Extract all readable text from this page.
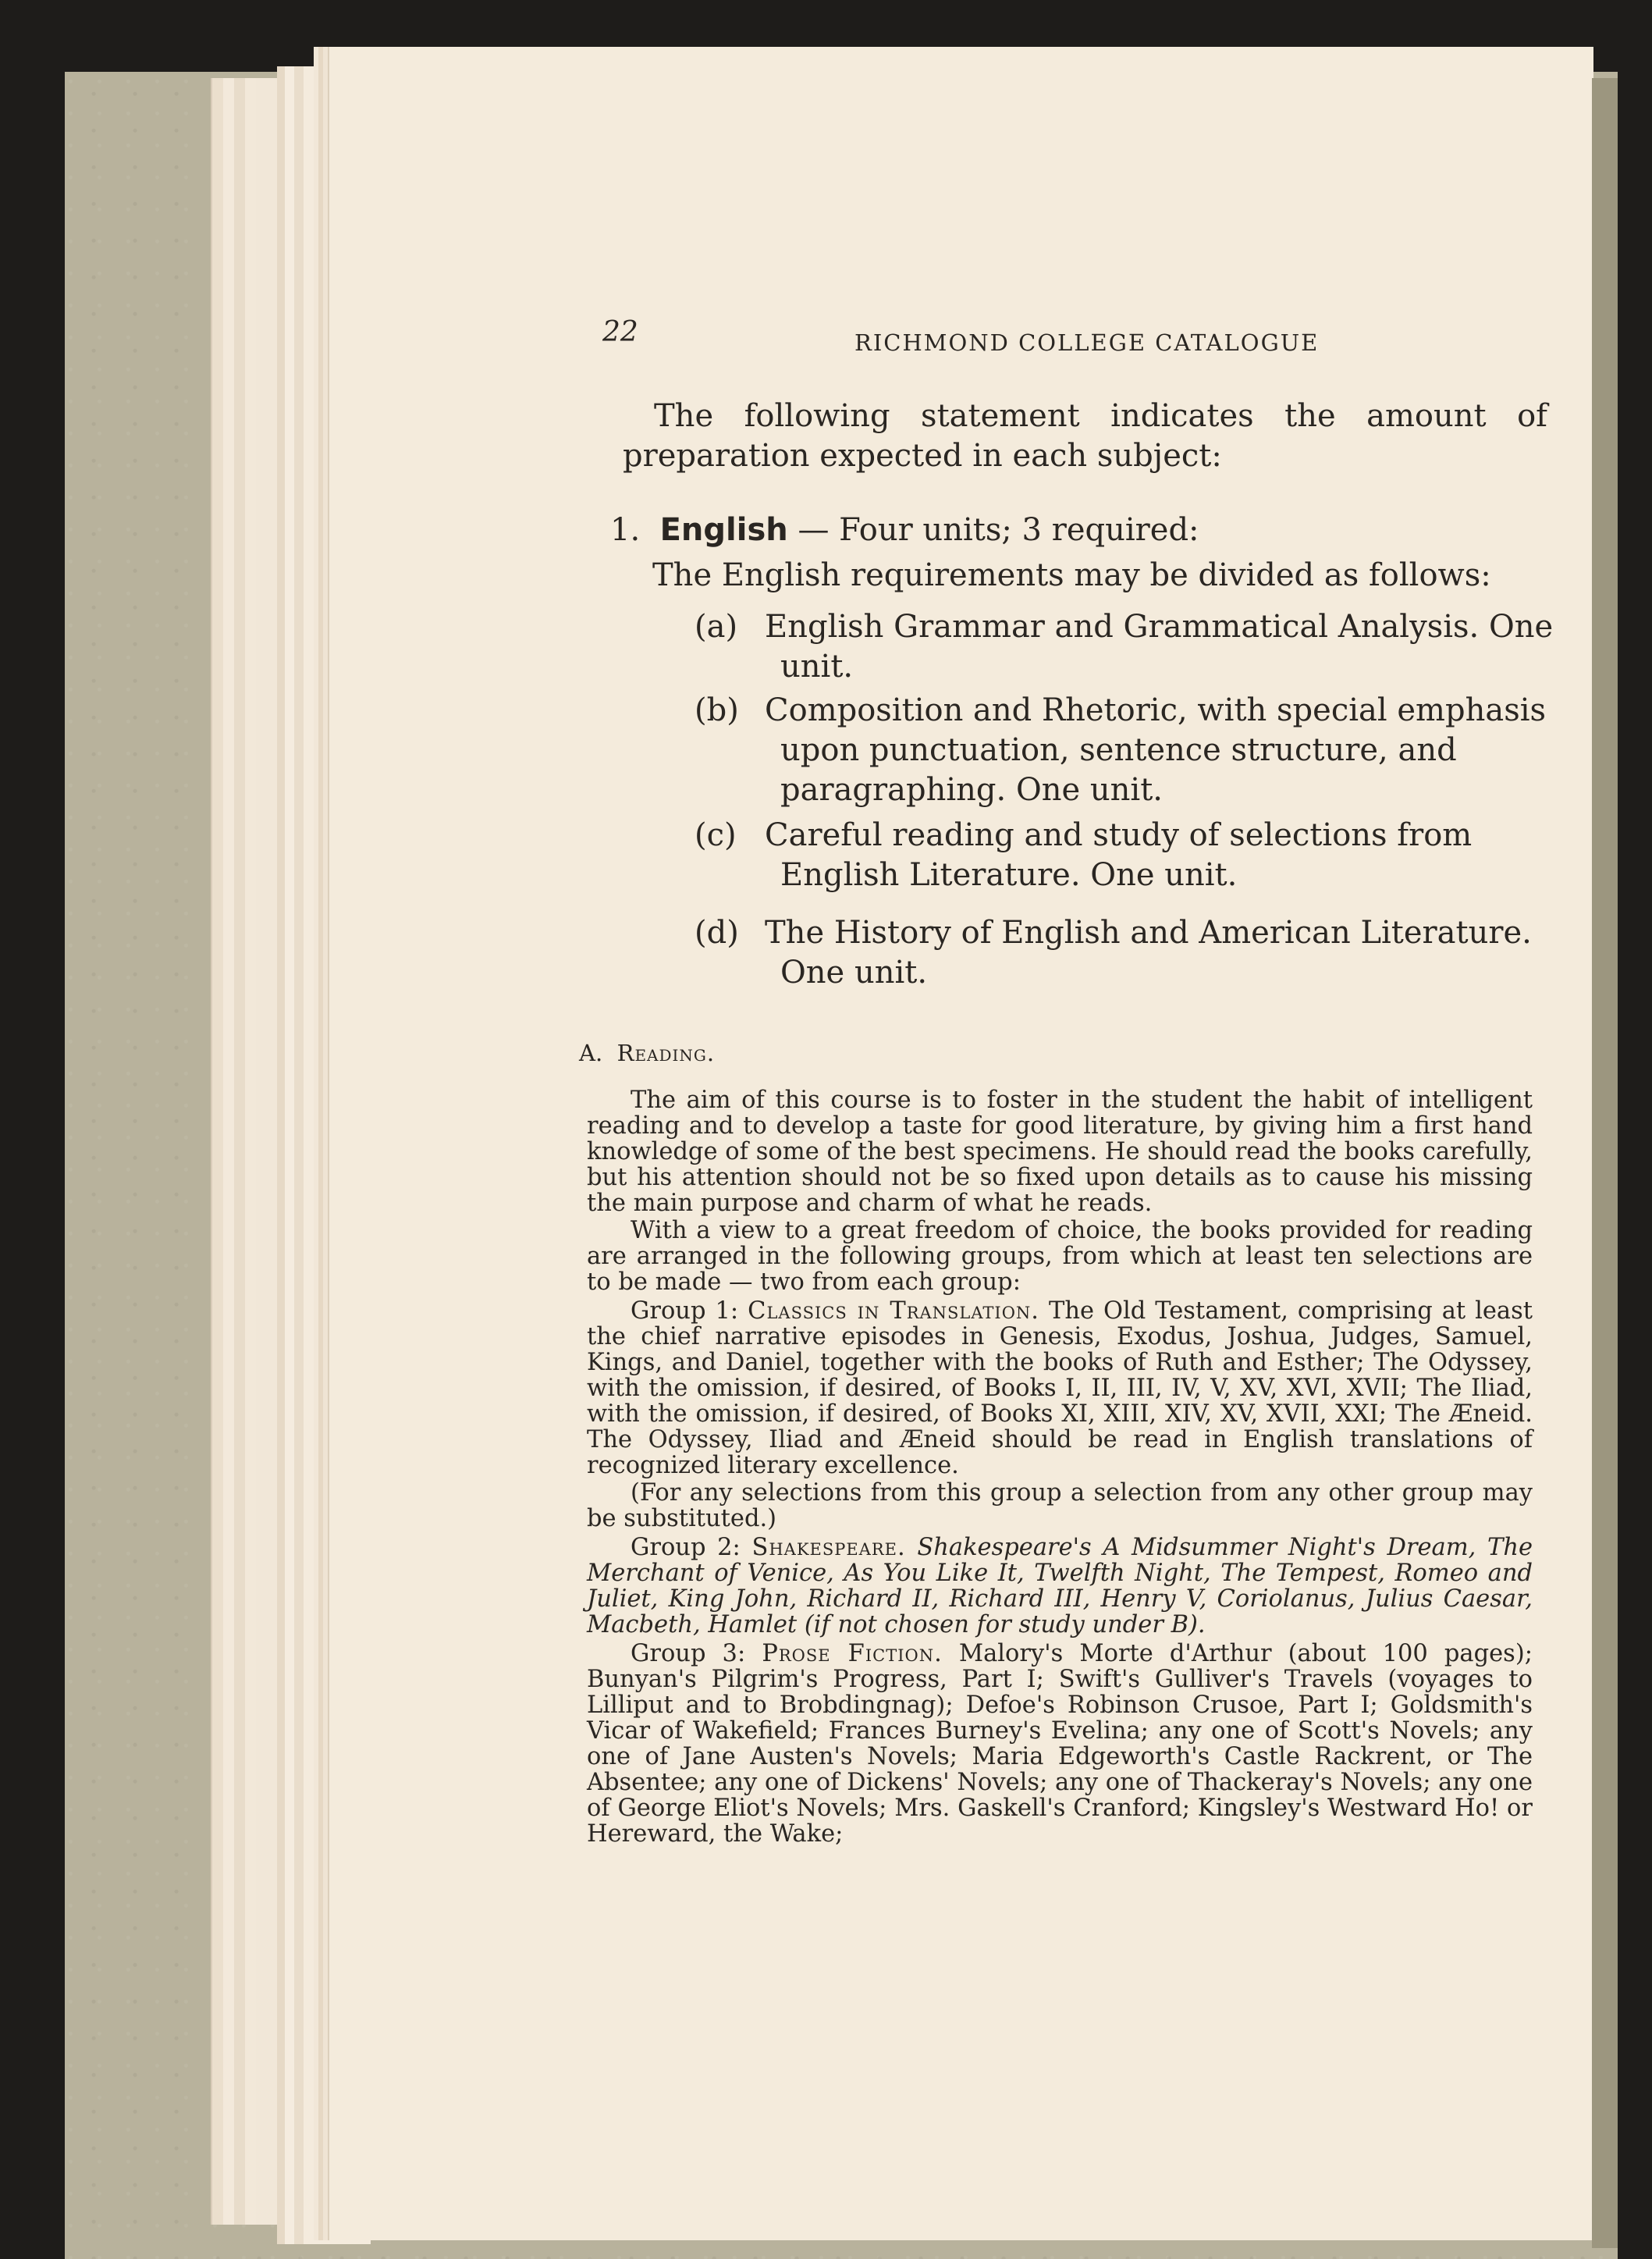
22	RICHMOND COLLEGE CATALOGUE

The following statement indicates the amount of preparation expected in each subject:

1. English — Four units; 3 required:

The English requirements may be divided as follows:

(a) English Grammar and Grammatical Analysis. One unit.
(b) Composition and Rhetoric, with special emphasis upon punctuation, sentence structure, and paragraphing. One unit.
(c) Careful reading and study of selections from English Literature. One unit.
(d) The History of English and American Literature. One unit.
A. Reading.

The aim of this course is to foster in the student the habit of intelligent reading and to develop a taste for good literature, by giving him a first hand knowledge of some of the best specimens. He should read the books carefully, but his attention should not be so fixed upon details as to cause his missing the main purpose and charm of what he reads.

With a view to a great freedom of choice, the books provided for reading are arranged in the following groups, from which at least ten selections are to be made — two from each group:

Group 1: Classics in Translation. The Old Testament, comprising at least the chief narrative episodes in Genesis, Exodus, Joshua, Judges, Samuel, Kings, and Daniel, together with the books of Ruth and Esther; The Odyssey, with the omission, if desired, of Books I, II, III, IV, V, XV, XVI, XVII; The Iliad, with the omission, if desired, of Books XI, XIII, XIV, XV, XVII, XXI; The Æneid. The Odyssey, Iliad and Æneid should be read in English translations of recognized literary excellence.

(For any selections from this group a selection from any other group may be substituted.)

Group 2: Shakespeare. Shakespeare's A Midsummer Night's Dream, The Merchant of Venice, As You Like It, Twelfth Night, The Tempest, Romeo and Juliet, King John, Richard II, Richard III, Henry V, Coriolanus, Julius Caesar, Macbeth, Hamlet (if not chosen for study under B).

Group 3: Prose Fiction. Malory's Morte d'Arthur (about 100 pages); Bunyan's Pilgrim's Progress, Part I; Swift's Gulliver's Travels (voyages to Lilliput and to Brobdingnag); Defoe's Robinson Crusoe, Part I; Goldsmith's Vicar of Wakefield; Frances Burney's Evelina; any one of Scott's Novels; any one of Jane Austen's Novels; Maria Edgeworth's Castle Rackrent, or The Absentee; any one of Dickens' Novels; any one of Thackeray's Novels; any one of George Eliot's Novels; Mrs. Gaskell's Cranford; Kingsley's Westward Ho! or Hereward, the Wake;
